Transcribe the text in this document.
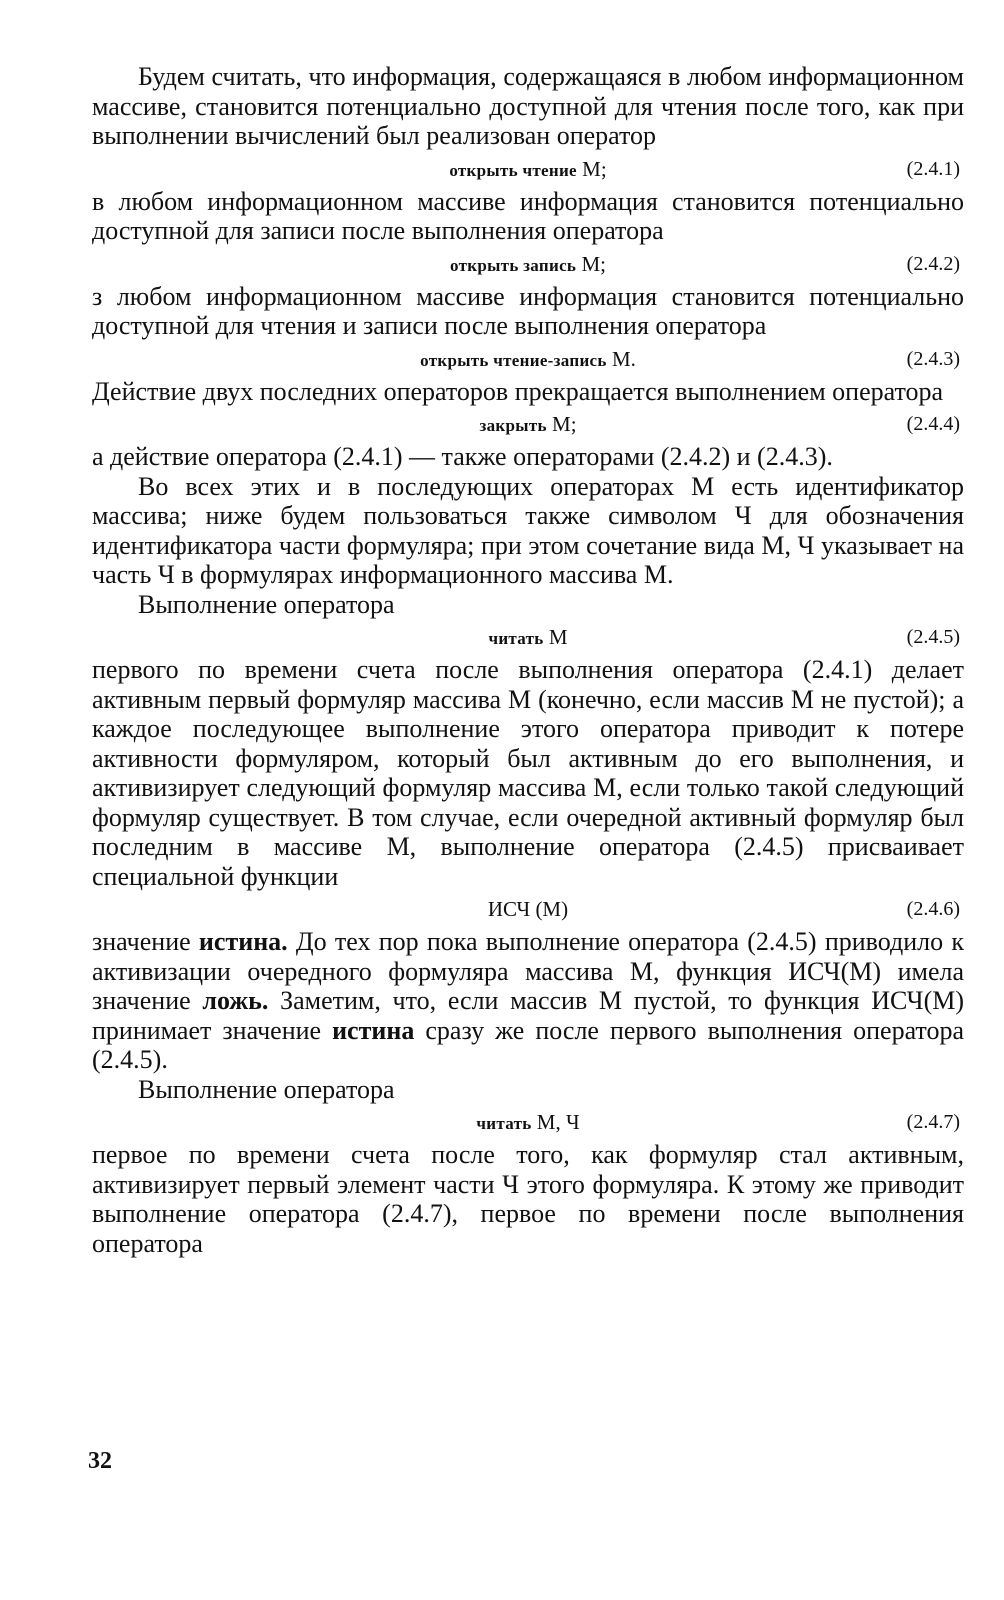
Будем считать, что информация, содержащаяся в любом информационном массиве, становится потенциально доступной для чтения после того, как при выполнении вычислений был реализован оператор

открыть чтение М;	(2.4.1)

в любом информационном массиве информация становится потенциально доступной для записи после выполнения оператора

открыть запись М;	(2.4.2)

з любом информационном массиве информация становится потенциально доступной для чтения и записи после выполнения оператора

открыть чтение-запись М.	(2.4.3)

Действие двух последних операторов прекращается выполнением оператора

закрыть М;	(2.4.4)

а действие оператора (2.4.1) — также операторами (2.4.2) и (2.4.3).

Во всех этих и в последующих операторах М есть идентификатор массива; ниже будем пользоваться также символом Ч для обозначения идентификатора части формуляра; при этом сочетание вида М, Ч указывает на часть Ч в формулярах информационного массива М.

Выполнение оператора

читать М	(2.4.5)

первого по времени счета после выполнения оператора (2.4.1) делает активным первый формуляр массива М (конечно, если массив М не пустой); а каждое последующее выполнение этого оператора приводит к потере активности формуляром, который был активным до его выполнения, и активизирует следующий формуляр массива М, если только такой следующий формуляр существует. В том случае, если очередной активный формуляр был последним в массиве М, выполнение оператора (2.4.5) присваивает специальной функции

ИСЧ (М)	(2.4.6)

значение истина. До тех пор пока выполнение оператора (2.4.5) приводило к активизации очередного формуляра массива М, функция ИСЧ(М) имела значение ложь. Заметим, что, если массив М пустой, то функция ИСЧ(М) принимает значение истина сразу же после первого выполнения оператора (2.4.5).

Выполнение оператора

читать М, Ч	(2.4.7)

первое по времени счета после того, как формуляр стал активным, активизирует первый элемент части Ч этого формуляра. К этому же приводит выполнение оператора (2.4.7), первое по времени после выполнения оператора

32
